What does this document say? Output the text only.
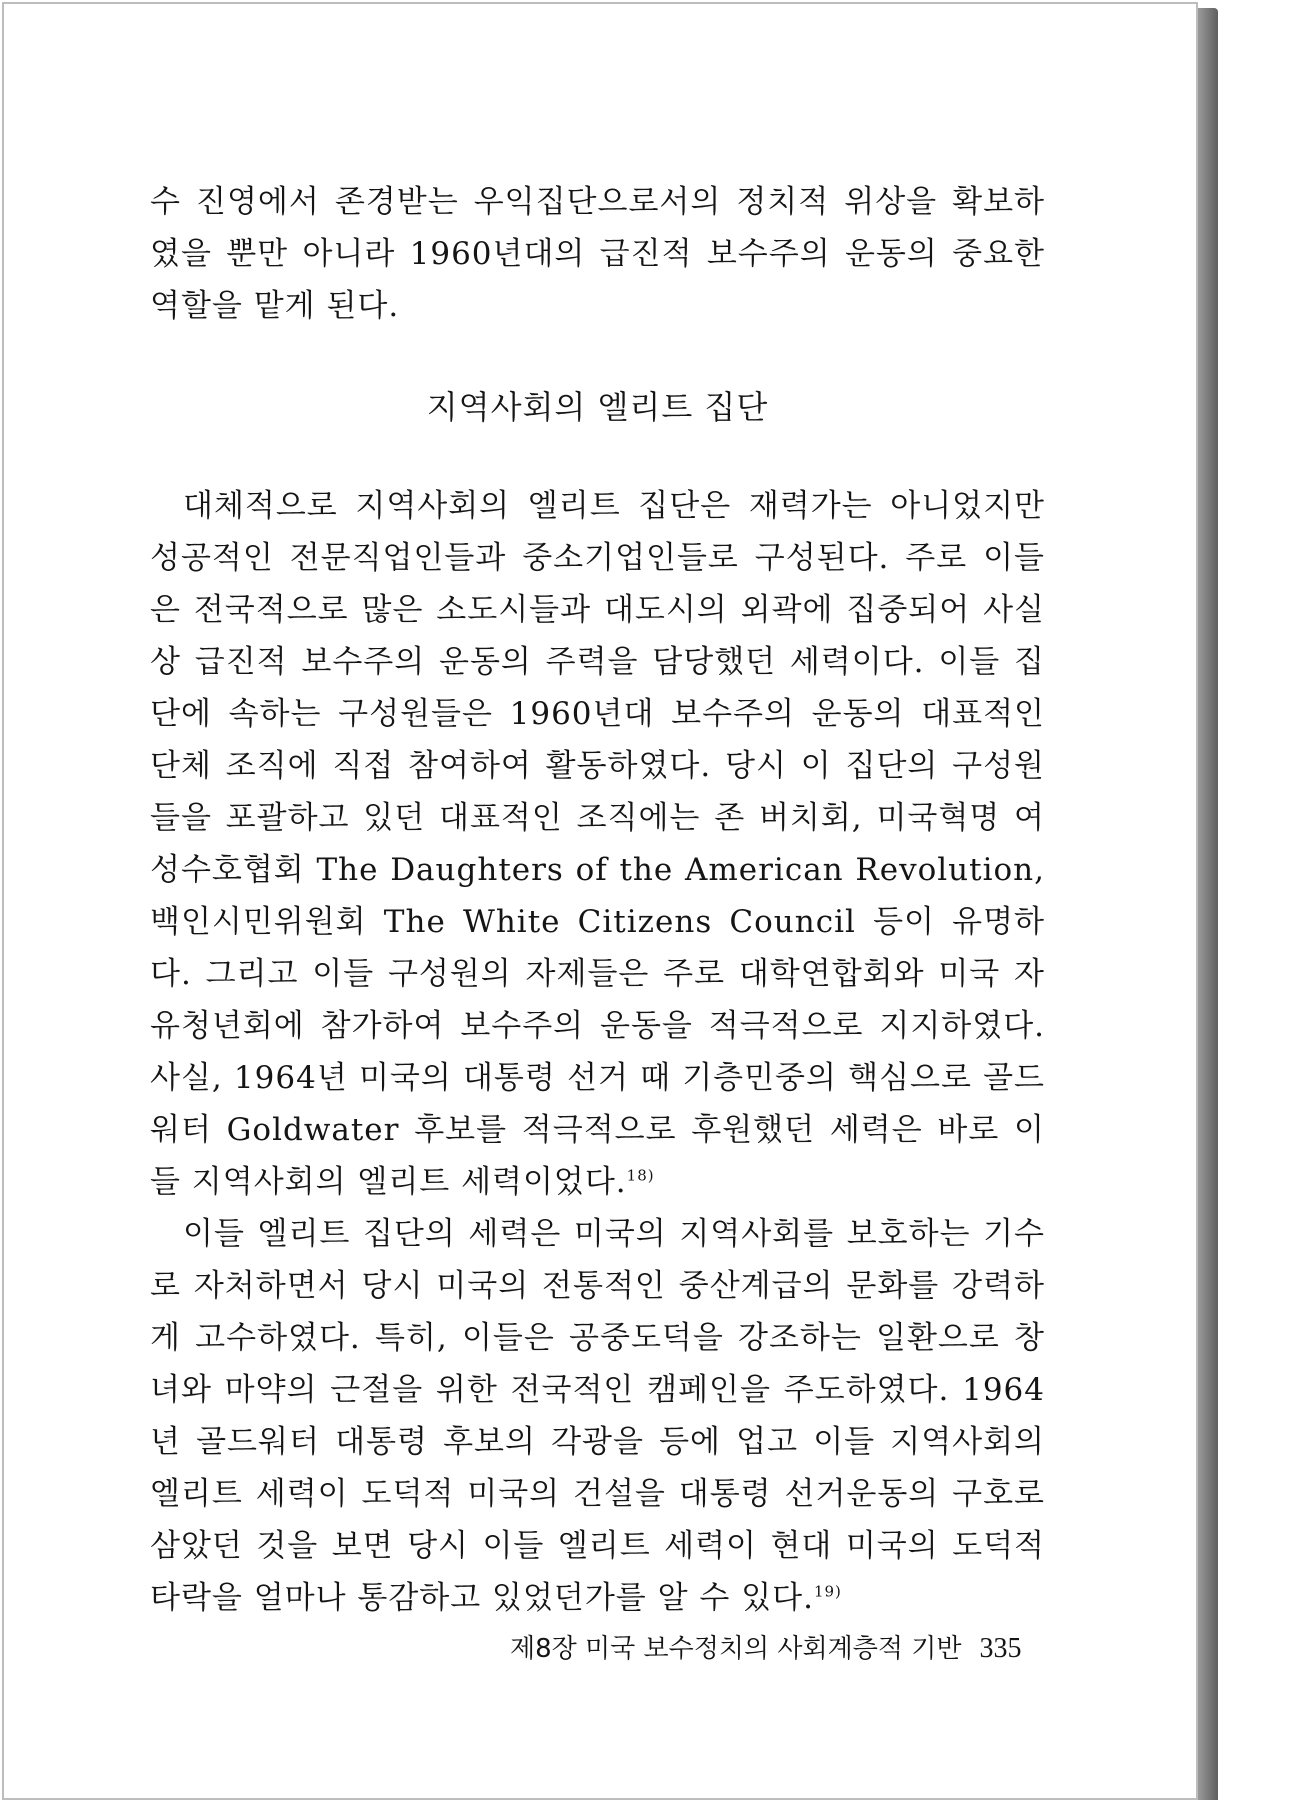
수 진영에서 존경받는 우익집단으로서의 정치적 위상을 확보하였을 뿐만 아니라 1960년대의 급진적 보수주의 운동의 중요한 역할을 맡게 된다.

지역사회의 엘리트 집단

대체적으로 지역사회의 엘리트 집단은 재력가는 아니었지만 성공적인 전문직업인들과 중소기업인들로 구성된다. 주로 이들은 전국적으로 많은 소도시들과 대도시의 외곽에 집중되어 사실상 급진적 보수주의 운동의 주력을 담당했던 세력이다. 이들 집단에 속하는 구성원들은 1960년대 보수주의 운동의 대표적인 단체 조직에 직접 참여하여 활동하였다. 당시 이 집단의 구성원들을 포괄하고 있던 대표적인 조직에는 존 버치회, 미국혁명 여성수호협회 The Daughters of the American Revolution, 백인시민위원회 The White Citizens Council 등이 유명하다. 그리고 이들 구성원의 자제들은 주로 대학연합회와 미국 자유청년회에 참가하여 보수주의 운동을 적극적으로 지지하였다. 사실, 1964년 미국의 대통령 선거 때 기층민중의 핵심으로 골드워터 Goldwater 후보를 적극적으로 후원했던 세력은 바로 이들 지역사회의 엘리트 세력이었다.$^{18)}$

이들 엘리트 집단의 세력은 미국의 지역사회를 보호하는 기수로 자처하면서 당시 미국의 전통적인 중산계급의 문화를 강력하게 고수하였다. 특히, 이들은 공중도덕을 강조하는 일환으로 창녀와 마약의 근절을 위한 전국적인 캠페인을 주도하였다. 1964년 골드워터 대통령 후보의 각광을 등에 업고 이들 지역사회의 엘리트 세력이 도덕적 미국의 건설을 대통령 선거운동의 구호로 삼았던 것을 보면 당시 이들 엘리트 세력이 현대 미국의 도덕적 타락을 얼마나 통감하고 있었던가를 알 수 있다.$^{19)}$

제8장 미국 보수정치의 사회계층적 기반 335
